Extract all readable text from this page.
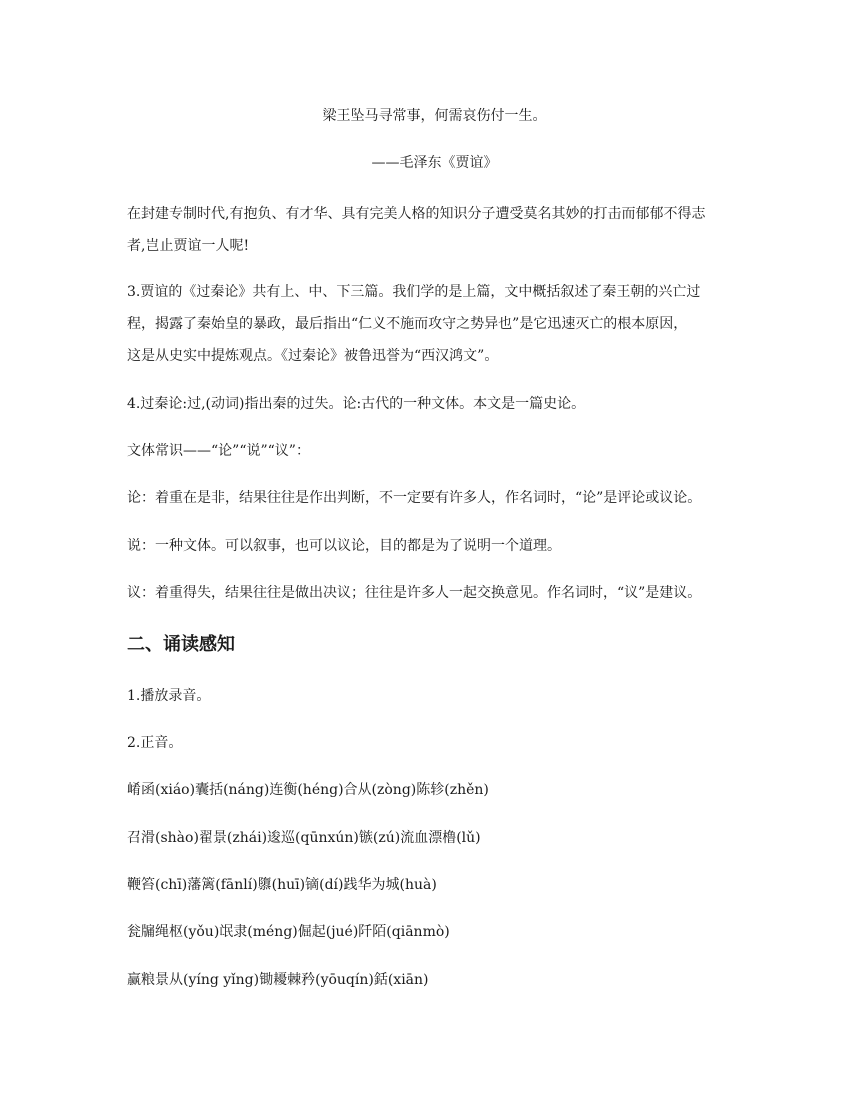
梁王坠马寻常事，何需哀伤付一生。
——毛泽东《贾谊》
在封建专制时代,有抱负、有才华、具有完美人格的知识分子遭受莫名其妙的打击而郁郁不得志
者,岂止贾谊一人呢!
3.贾谊的《过秦论》共有上、中、下三篇。我们学的是上篇，文中概括叙述了秦王朝的兴亡过
程，揭露了秦始皇的暴政，最后指出“仁义不施而攻守之势异也”是它迅速灭亡的根本原因，
这是从史实中提炼观点。《过秦论》被鲁迅誉为“西汉鸿文”。
4.过秦论:过,(动词)指出秦的过失。论:古代的一种文体。本文是一篇史论。
文体常识——“论”“说”“议”：
论：着重在是非，结果往往是作出判断，不一定要有许多人，作名词时，“论”是评论或议论。
说：一种文体。可以叙事，也可以议论，目的都是为了说明一个道理。
议：着重得失，结果往往是做出决议；往往是许多人一起交换意见。作名词时，“议”是建议。
二、诵读感知
1.播放录音。
2.正音。
崤函(xiáo)囊括(náng)连衡(héng)合从(zòng)陈轸(zhěn)
召滑(shào)翟景(zhái)逡巡(qūnxún)镞(zú)流血漂橹(lǔ)
鞭笞(chī)藩篱(fānlí)隳(huī)镝(dí)践华为城(huà)
瓮牖绳枢(yǒu)氓隶(méng)倔起(jué)阡陌(qiānmò)
赢粮景从(yíng yǐng)锄耰棘矜(yōuqín)銛(xiān)
